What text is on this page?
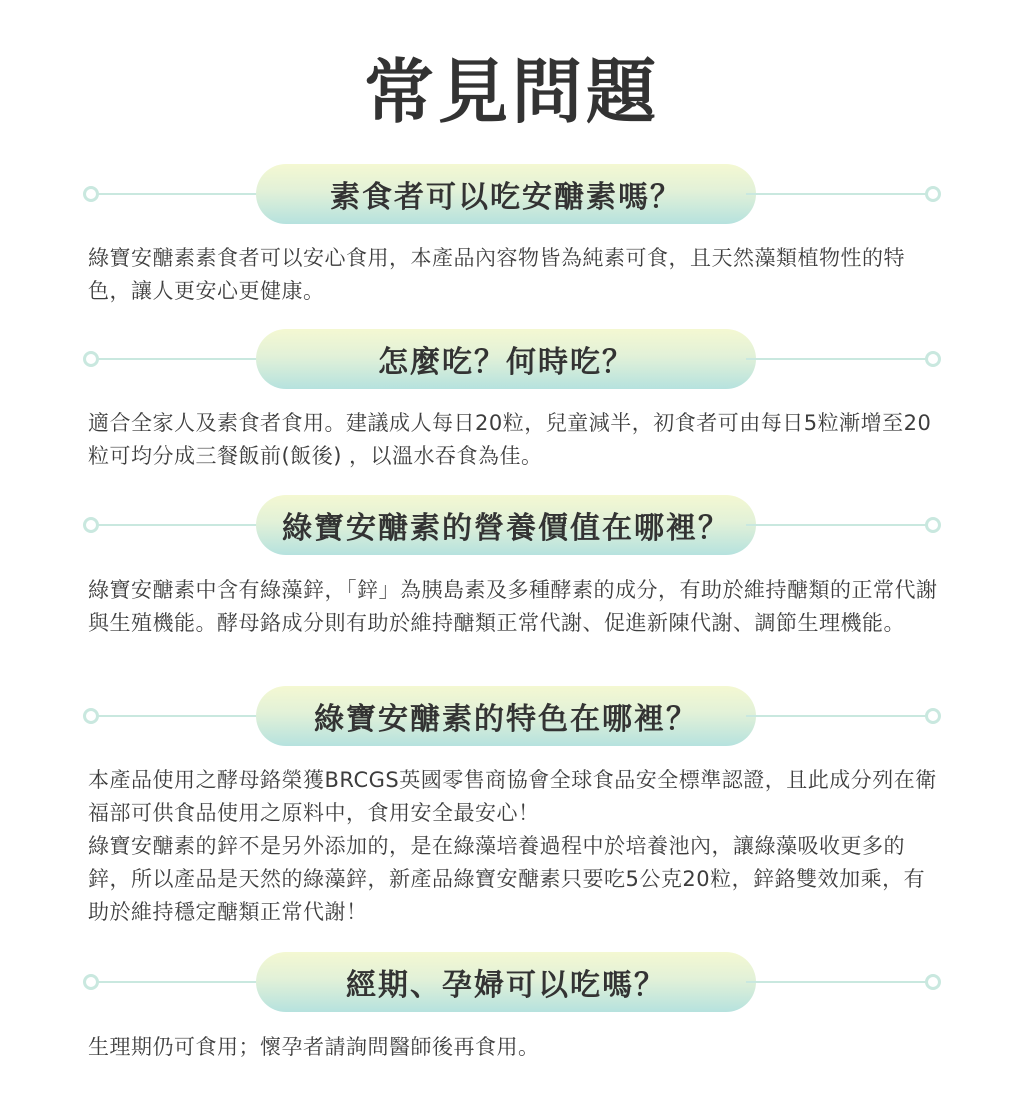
常見問題
素食者可以吃安醣素嗎？

綠寶安醣素素食者可以安心食用，本產品內容物皆為純素可食，且天然藻類植物性的特色，讓人更安心更健康。

怎麼吃？何時吃？

適合全家人及素食者食用。建議成人每日20粒，兒童減半，初食者可由每日5粒漸增至20粒可均分成三餐飯前(飯後) ，以溫水吞食為佳。

綠寶安醣素的營養價值在哪裡？

綠寶安醣素中含有綠藻鋅，「鋅」為胰島素及多種酵素的成分，有助於維持醣類的正常代謝與生殖機能。酵母鉻成分則有助於維持醣類正常代謝、促進新陳代謝、調節生理機能。

綠寶安醣素的特色在哪裡？

本產品使用之酵母鉻榮獲BRCGS英國零售商協會全球食品安全標準認證，且此成分列在衛福部可供食品使用之原料中，食用安全最安心！

綠寶安醣素的鋅不是另外添加的，是在綠藻培養過程中於培養池內，讓綠藻吸收更多的鋅，所以產品是天然的綠藻鋅，新產品綠寶安醣素只要吃5公克20粒，鋅鉻雙效加乘，有助於維持穩定醣類正常代謝！

經期、孕婦可以吃嗎？

生理期仍可食用；懷孕者請詢問醫師後再食用。
